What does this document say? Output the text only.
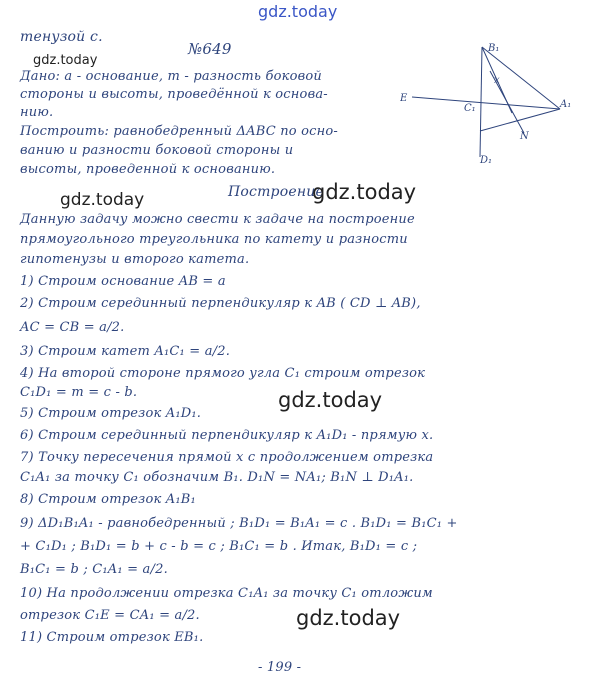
gdz.today
тенузой с.
№649
gdz.today
Дано: a - основание, m - разность боковой
стороны и высоты, проведённой к основа-
нию.
Построить: равнобедренный ΔABC по осно-
ванию и разности боковой стороны и
высоты, проведенной к основанию.
gdz.today	Построение
gdz.today
Данную задачу можно свести к задаче на построение
прямоугольного треугольника по катету и разности
гипотенузы и второго катета.
1) Строим основание AB = a
2) Строим серединный перпендикуляр к AB ( CD ⊥ AB),
AC = CB = a/2.
3) Строим катет A₁C₁ = a/2.
4) На второй стороне прямого угла C₁ строим отрезок
C₁D₁ = m = c - b.
5) Строим отрезок A₁D₁.
gdz.today
6) Строим серединный перпендикуляр к A₁D₁ - прямую x.
7) Точку пересечения прямой x с продолжением отрезка
C₁A₁ за точку C₁ обозначим B₁. D₁N = NA₁; B₁N ⊥ D₁A₁.
8) Строим отрезок A₁B₁
9) ΔD₁B₁A₁ - равнобедренный ; B₁D₁ = B₁A₁ = c . B₁D₁ = B₁C₁ +
+ C₁D₁ ; B₁D₁ = b + c - b = c ; B₁C₁ = b . Итак, B₁D₁ = c ;
B₁C₁ = b ; C₁A₁ = a/2.
10) На продолжении отрезка C₁A₁ за точку C₁ отложим
отрезок C₁E = CA₁ = a/2.	gdz.today
11) Строим отрезок EB₁.
- 199 -
B₁
x
E
C₁	A₁
N
D₁
